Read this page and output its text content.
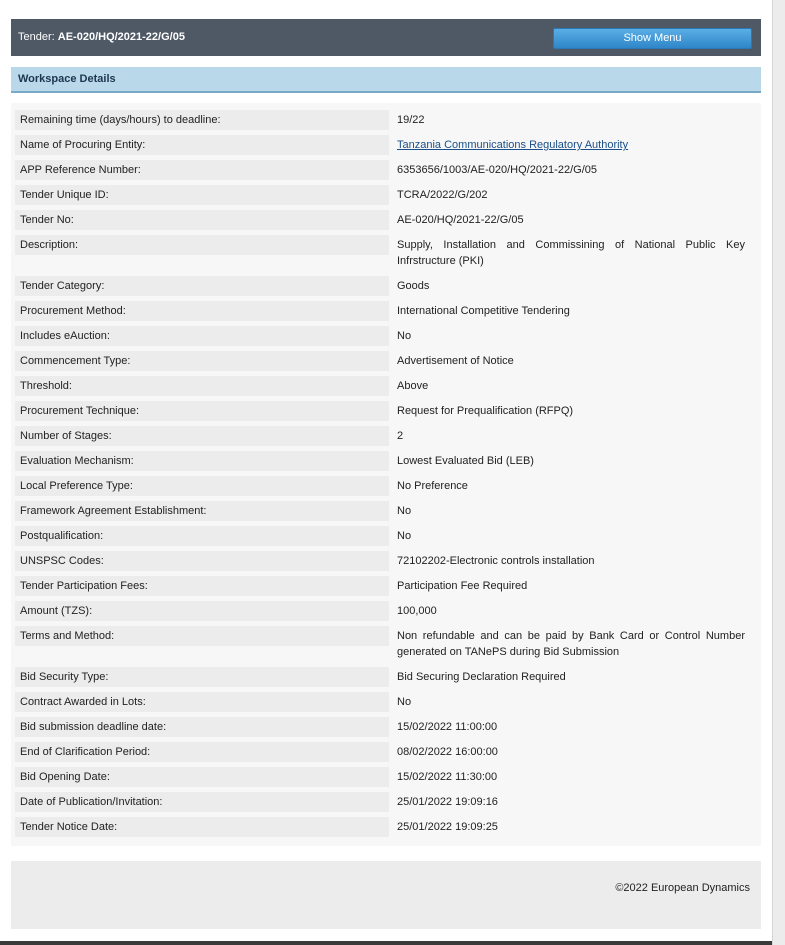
Tender: AE-020/HQ/2021-22/G/05	Show Menu
Workspace Details
Remaining time (days/hours) to deadline:	19/22
Name of Procuring Entity:	Tanzania Communications Regulatory Authority
APP Reference Number:	6353656/1003/AE-020/HQ/2021-22/G/05
Tender Unique ID:	TCRA/2022/G/202
Tender No:	AE-020/HQ/2021-22/G/05
Description:	Supply, Installation and Commissining of National Public Key Infrstructure (PKI)
Tender Category:	Goods
Procurement Method:	International Competitive Tendering
Includes eAuction:	No
Commencement Type:	Advertisement of Notice
Threshold:	Above
Procurement Technique:	Request for Prequalification (RFPQ)
Number of Stages:	2
Evaluation Mechanism:	Lowest Evaluated Bid (LEB)
Local Preference Type:	No Preference
Framework Agreement Establishment:	No
Postqualification:	No
UNSPSC Codes:	72102202-Electronic controls installation
Tender Participation Fees:	Participation Fee Required
Amount (TZS):	100,000
Terms and Method:	Non refundable and can be paid by Bank Card or Control Number generated on TANePS during Bid Submission
Bid Security Type:	Bid Securing Declaration Required
Contract Awarded in Lots:	No
Bid submission deadline date:	15/02/2022 11:00:00
End of Clarification Period:	08/02/2022 16:00:00
Bid Opening Date:	15/02/2022 11:30:00
Date of Publication/Invitation:	25/01/2022 19:09:16
Tender Notice Date:	25/01/2022 19:09:25
©2022 European Dynamics
